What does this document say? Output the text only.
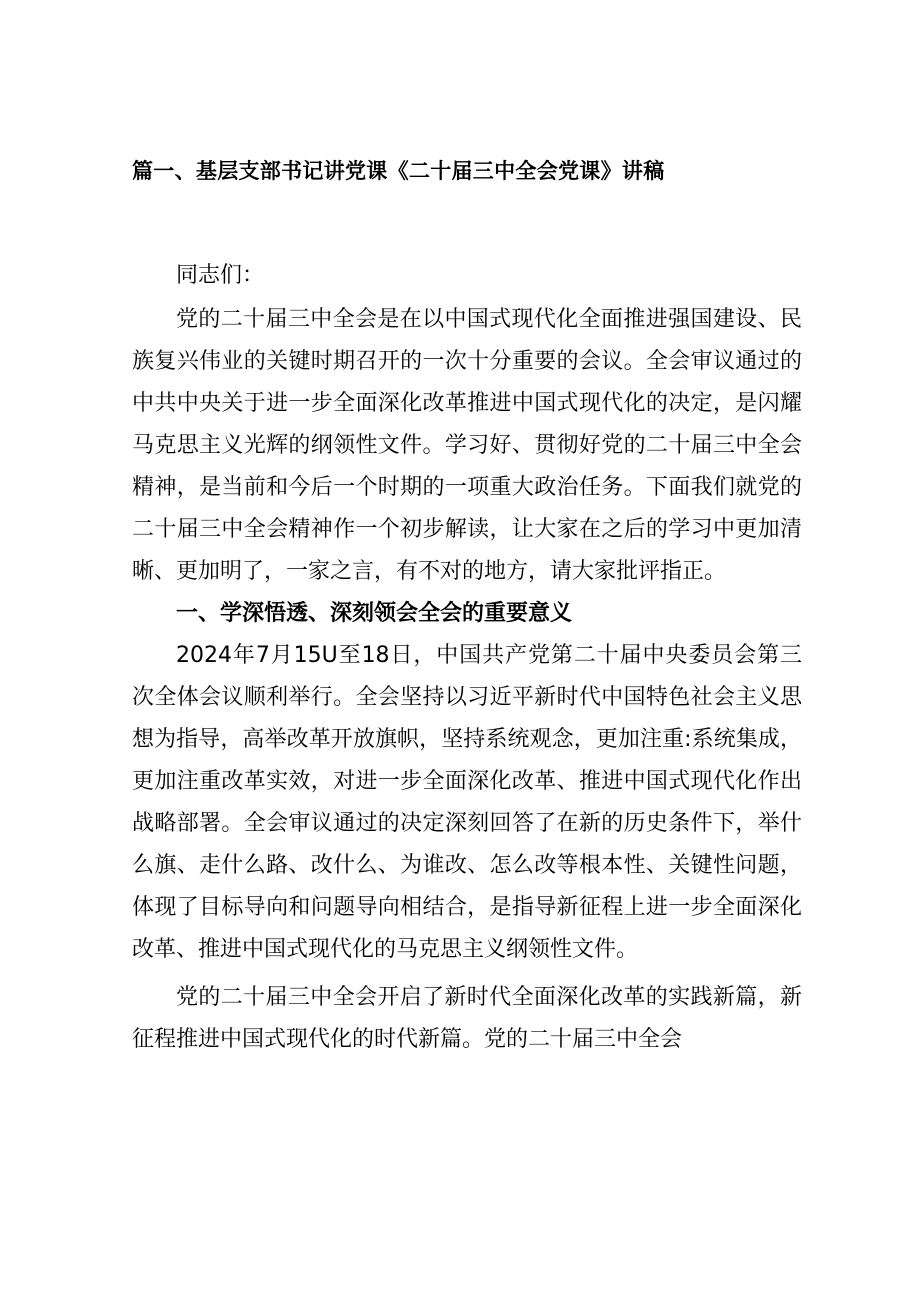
篇一、基层支部书记讲党课《二十届三中全会党课》讲稿

同志们：

党的二十届三中全会是在以中国式现代化全面推进强国建设、民族复兴伟业的关键时期召开的一次十分重要的会议。全会审议通过的中共中央关于进一步全面深化改革推进中国式现代化的决定，是闪耀马克思主义光辉的纲领性文件。学习好、贯彻好党的二十届三中全会精神，是当前和今后一个时期的一项重大政治任务。下面我们就党的二十届三中全会精神作一个初步解读，让大家在之后的学习中更加清晰、更加明了，一家之言，有不对的地方，请大家批评指正。

一、学深悟透、深刻领会全会的重要意义

2024年7月15U至18日，中国共产党第二十届中央委员会第三次全体会议顺利举行。全会坚持以习近平新时代中国特色社会主义思想为指导，高举改革开放旗帜，坚持系统观念，更加注重:系统集成，更加注重改革实效，对进一步全面深化改革、推进中国式现代化作出战略部署。全会审议通过的决定深刻回答了在新的历史条件下，举什么旗、走什么路、改什么、为谁改、怎么改等根本性、关键性问题，体现了目标导向和问题导向相结合，是指导新征程上进一步全面深化改革、推进中国式现代化的马克思主义纲领性文件。

党的二十届三中全会开启了新时代全面深化改革的实践新篇，新征程推进中国式现代化的时代新篇。党的二十届三中全会
